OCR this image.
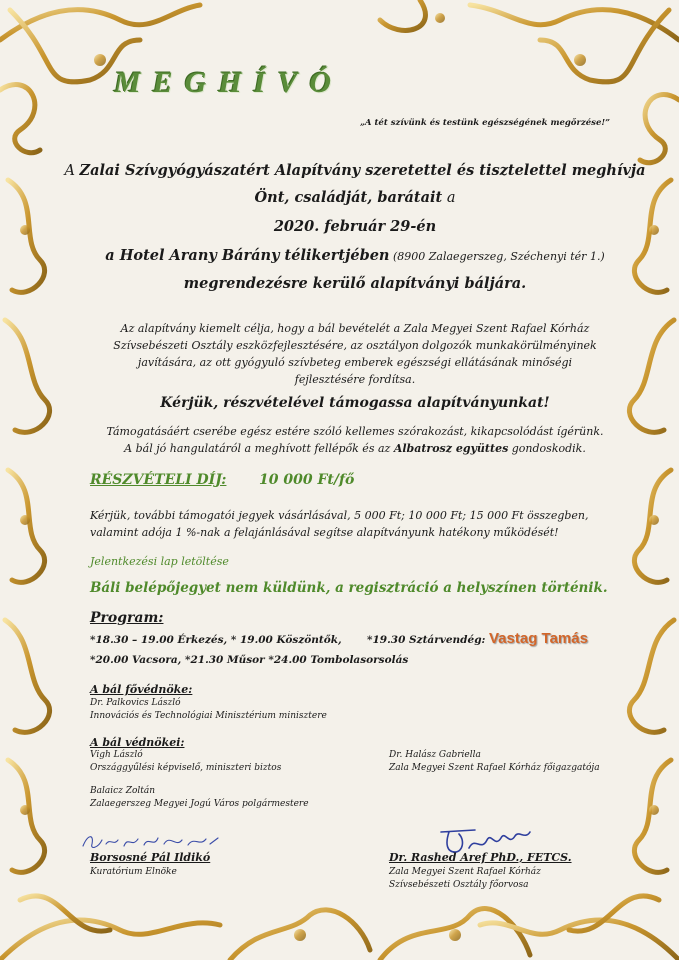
MEGHÍVÓ
„A tét szívünk és testünk egészségének megőrzése!”
A Zalai Szívgyógyászatért Alapítvány szeretettel és tisztelettel meghívja
Önt, családját, barátait a
2020. február 29-én
a Hotel Arany Bárány télikertjében (8900 Zalaegerszeg, Széchenyi tér 1.)
megrendezésre kerülő alapítványi báljára.
Az alapítvány kiemelt célja, hogy a bál bevételét a Zala Megyei Szent Rafael Kórház
Szívsebészeti Osztály eszközfejlesztésére, az osztályon dolgozók munkakörülményinek
javítására, az ott gyógyuló szívbeteg emberek egészségi ellátásának minőségi
fejlesztésére fordítsa.
Kérjük, részvételével támogassa alapítványunkat!
Támogatásáért cserébe egész estére szóló kellemes szórakozást, kikapcsolódást ígérünk.
A bál jó hangulatáról a meghívott fellépők és az Albatrosz együttes gondoskodik.
RÉSZVÉTELI DÍJ: 10 000 Ft/fő
Kérjük, további támogatói jegyek vásárlásával, 5 000 Ft; 10 000 Ft; 15 000 Ft összegben,
valamint adója 1 %-nak a felajánlásával segítse alapítványunk hatékony működését!
Jelentkezési lap letöltése
Báli belépőjegyet nem küldünk, a regisztráció a helyszínen történik.
Program:
*18.30 – 19.00 Érkezés, * 19.00 Köszöntők, *19.30 Sztárvendég: Vastag Tamás
*20.00 Vacsora, *21.30 Műsor *24.00 Tombolasorsolás
A bál fővédnöke:
Dr. Palkovics László
Innovációs és Technológiai Minisztérium minisztere
A bál védnökei:
Vigh László
Országgyűlési képviselő, miniszteri biztos
Dr. Halász Gabriella
Zala Megyei Szent Rafael Kórház főigazgatója
Balaicz Zoltán
Zalaegerszeg Megyei Jogú Város polgármestere
Borsosné Pál Ildikó
Kuratórium Elnöke
Dr. Rashed Aref PhD., FETCS.
Zala Megyei Szent Rafael Kórház
Szívsebészeti Osztály főorvosa
